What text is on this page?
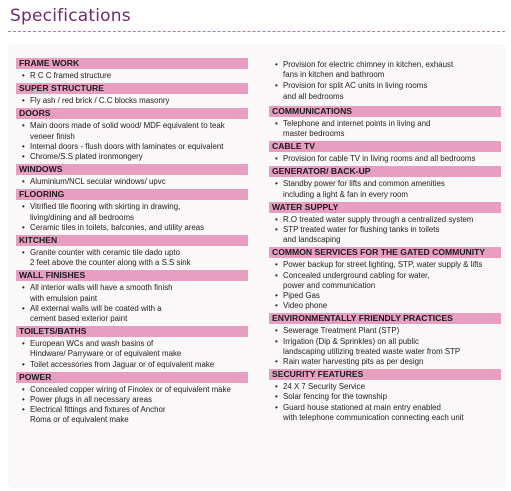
Specifications
FRAME WORK
• R C C framed structure
SUPER STRUCTURE
• Fly ash / red brick / C.C blocks masonry
DOORS
• Main doors made of solid wood/ MDF equivalent to teak
veneer finish
• Internal doors - flush doors with laminates or equivalent
• Chrome/S.S plated ironmongery
WINDOWS
• Aluminium/NCL secular windows/ upvc
FLOORING
• Vitrified tile flooring with skirting in drawing,
living/dining and all bedrooms
• Ceramic tiles in toilets, balconies, and utility areas
KITCHEN
• Granite counter with ceramic tile dado upto
2 feet above the counter along with a S.S sink
WALL FINISHES
• All interior walls will have a smooth finish
with emulsion paint
• All external walls will be coated with a
cement based exterior paint
TOILETS/BATHS
• European WCs and wash basins of
Hindware/ Parryware or of equivalent make
• Toilet accessories from Jaguar or of equivalent make
POWER
• Concealed copper wiring of Finolex or of equivalent make
• Power plugs in all necessary areas
• Electrical fittings and fixtures of Anchor
Roma or of equivalent make
• Provision for electric chimney in kitchen, exhaust
fans in kitchen and bathroom
• Provision for split AC units in living rooms
and all bedrooms
COMMUNICATIONS
• Telephone and internet points in living and
master bedrooms
CABLE TV
• Provision for cable TV in living rooms and all bedrooms
GENERATOR/ BACK-UP
• Standby power for lifts and common amenities
including a light & fan in every room
WATER SUPPLY
• R.O treated water supply through a centralized system
• STP treated water for flushing tanks in toilets
and landscaping
COMMON SERVICES FOR THE GATED COMMUNITY
• Power backup for street lighting, STP, water supply & lifts
• Concealed underground cabling for water,
power and communication
• Piped Gas
• Video phone
ENVIRONMENTALLY FRIENDLY PRACTICES
• Sewerage Treatment Plant (STP)
• Irrigation (Dip & Sprinkles) on all public
landscaping utilizing treated waste water from STP
• Rain water harvesting pits as per design
SECURITY FEATURES
• 24 X 7 Security Service
• Solar fencing for the township
• Guard house stationed at main entry enabled
with telephone communication connecting each unit
